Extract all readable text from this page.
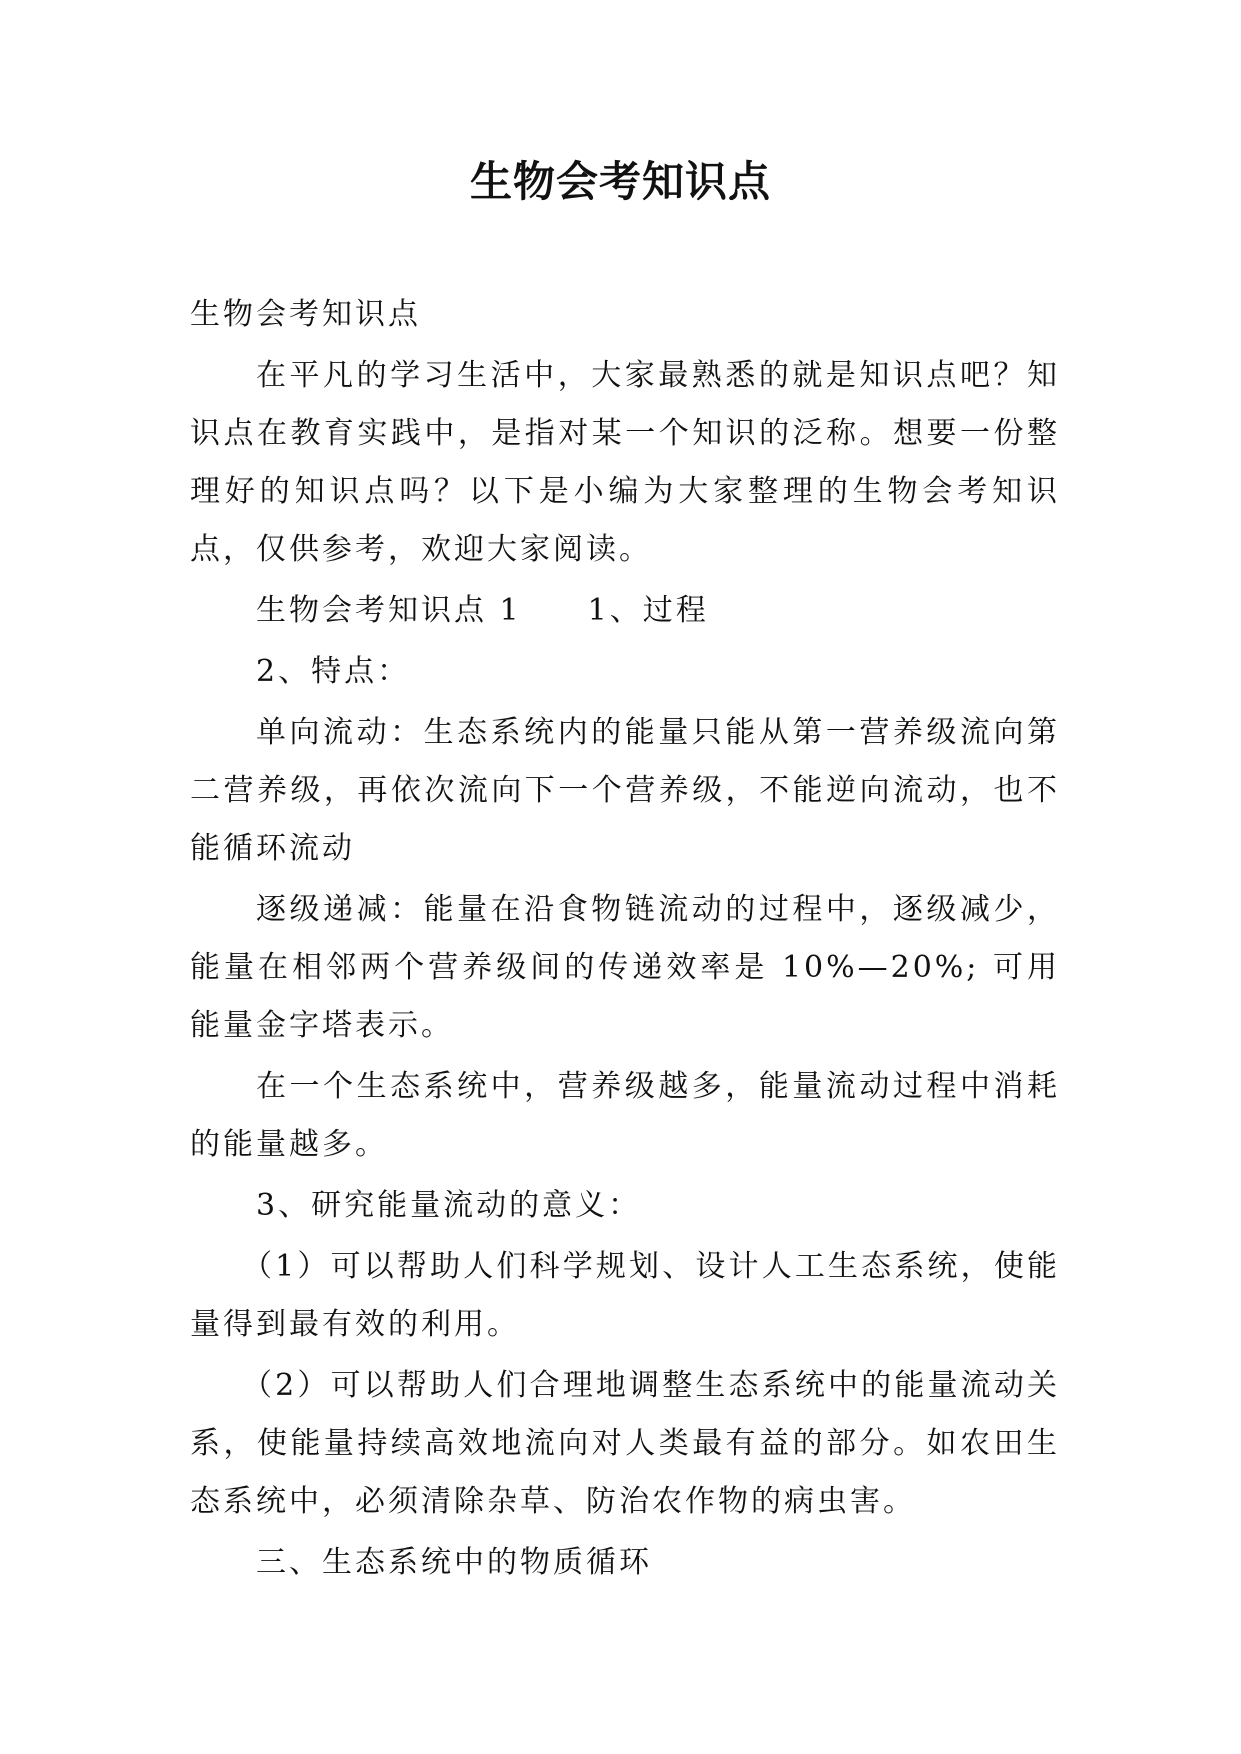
生物会考知识点

生物会考知识点

在平凡的学习生活中，大家最熟悉的就是知识点吧？知识点在教育实践中，是指对某一个知识的泛称。想要一份整理好的知识点吗？以下是小编为大家整理的生物会考知识点，仅供参考，欢迎大家阅读。

生物会考知识点 1　　1、过程

2、特点：

单向流动：生态系统内的能量只能从第一营养级流向第二营养级，再依次流向下一个营养级，不能逆向流动，也不能循环流动

逐级递减：能量在沿食物链流动的过程中，逐级减少，能量在相邻两个营养级间的传递效率是 10%—20%; 可用能量金字塔表示。

在一个生态系统中，营养级越多，能量流动过程中消耗的能量越多。

3、研究能量流动的意义：

（1）可以帮助人们科学规划、设计人工生态系统，使能量得到最有效的利用。

（2）可以帮助人们合理地调整生态系统中的能量流动关系，使能量持续高效地流向对人类最有益的部分。如农田生态系统中，必须清除杂草、防治农作物的病虫害。

三、生态系统中的物质循环
